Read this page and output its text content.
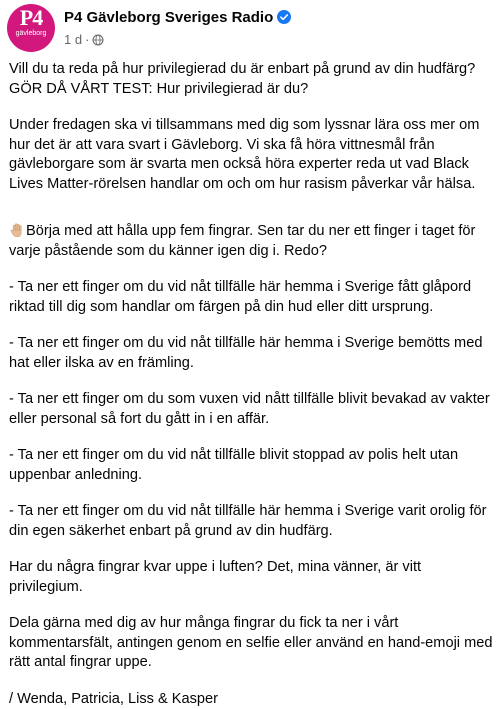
P4
gävleborg
P4 Gävleborg Sveriges Radio
1 d ·

Vill du ta reda på hur privilegierad du är enbart på grund av din hudfärg? GÖR DÅ VÅRT TEST: Hur privilegierad är du?

Under fredagen ska vi tillsammans med dig som lyssnar lära oss mer om hur det är att vara svart i Gävleborg. Vi ska få höra vittnesmål från gävleborgare som är svarta men också höra experter reda ut vad Black Lives Matter-rörelsen handlar om och om hur rasism påverkar vår hälsa.

Börja med att hålla upp fem fingrar. Sen tar du ner ett finger i taget för varje påstående som du känner igen dig i. Redo?

- Ta ner ett finger om du vid nåt tillfälle här hemma i Sverige fått glåpord riktad till dig som handlar om färgen på din hud eller ditt ursprung.

- Ta ner ett finger om du vid nåt tillfälle här hemma i Sverige bemötts med hat eller ilska av en främling.

- Ta ner ett finger om du som vuxen vid nått tillfälle blivit bevakad av vakter eller personal så fort du gått in i en affär.

- Ta ner ett finger om du vid nåt tillfälle blivit stoppad av polis helt utan uppenbar anledning.

- Ta ner ett finger om du vid nåt tillfälle här hemma i Sverige varit orolig för din egen säkerhet enbart på grund av din hudfärg.

Har du några fingrar kvar uppe i luften? Det, mina vänner, är vitt privilegium.

Dela gärna med dig av hur många fingrar du fick ta ner i vårt kommentarsfält, antingen genom en selfie eller använd en hand-emoji med rätt antal fingrar uppe.

/ Wenda, Patricia, Liss & Kasper
